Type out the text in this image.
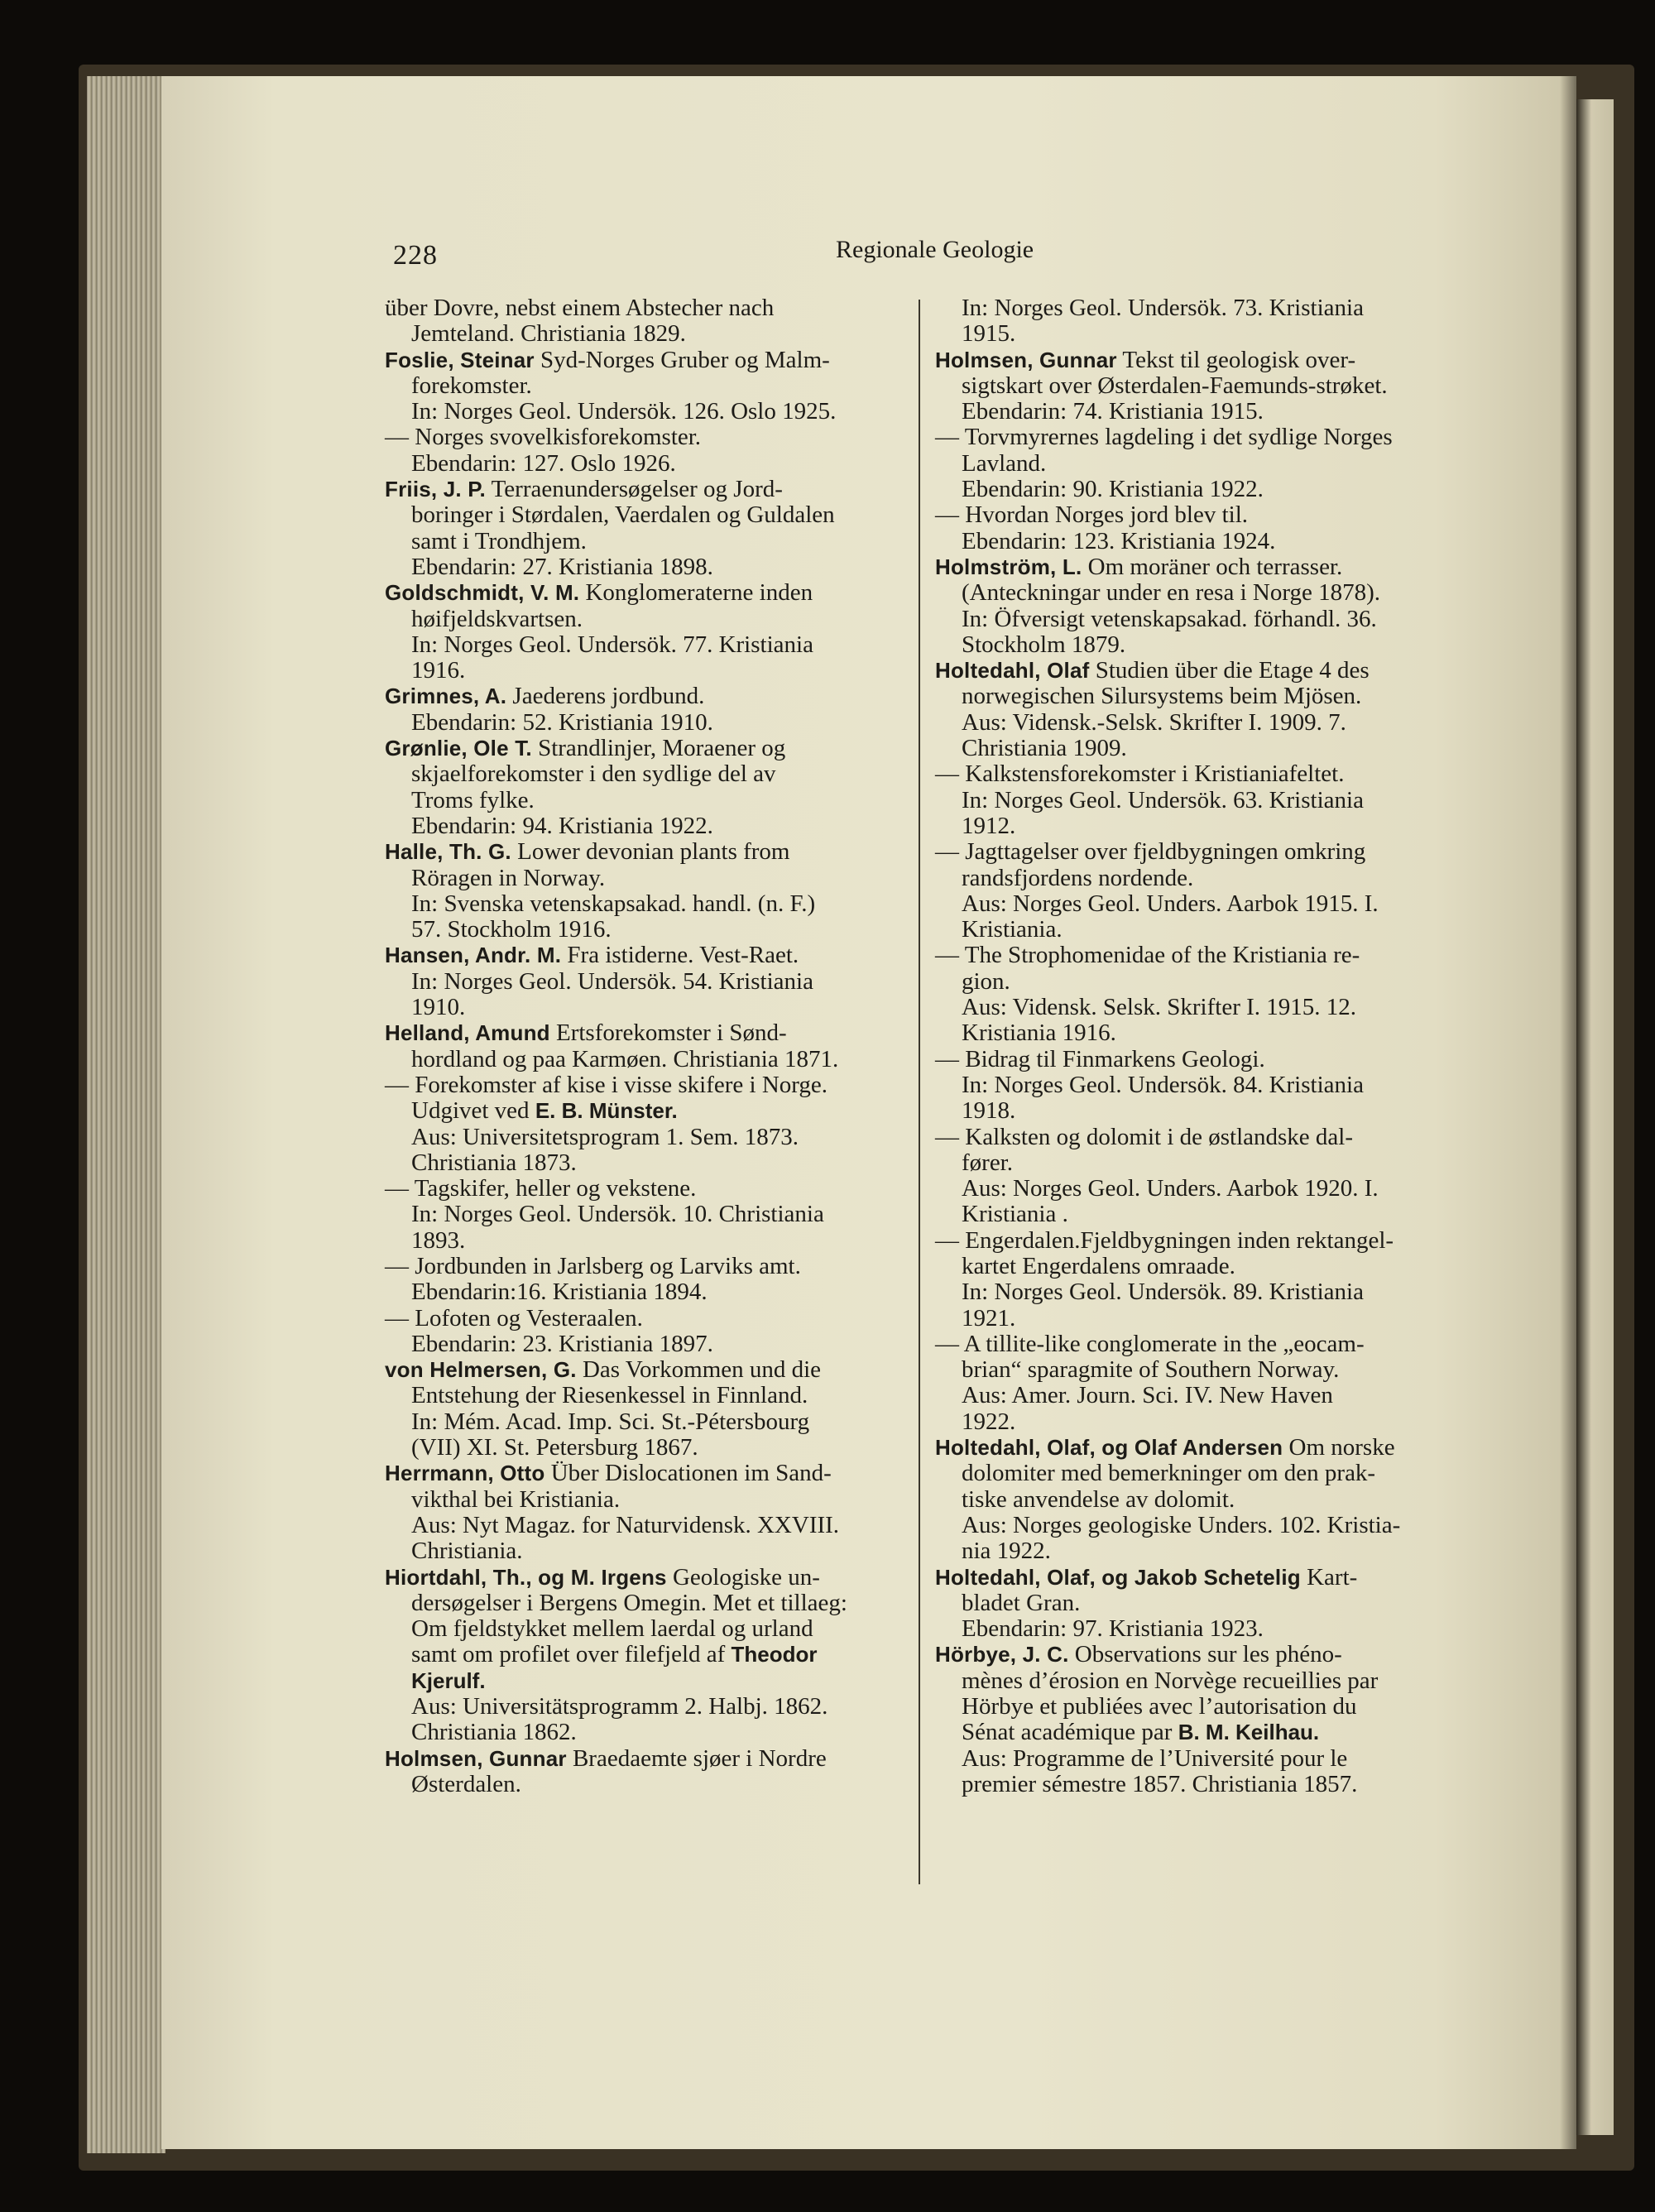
228	Regionale Geologie
über Dovre, nebst einem Abstecher nach
Jemteland. Christiania 1829.
Foslie, Steinar Syd-Norges Gruber og Malm-
forekomster.
In: Norges Geol. Undersök. 126. Oslo 1925.
— Norges svovelkisforekomster.
Ebendarin: 127. Oslo 1926.
Friis, J. P. Terraenundersøgelser og Jord-
boringer i Størdalen, Vaerdalen og Guldalen
samt i Trondhjem.
Ebendarin: 27. Kristiania 1898.
Goldschmidt, V. M. Konglomeraterne inden
høifjeldskvartsen.
In: Norges Geol. Undersök. 77. Kristiania
1916.
Grimnes, A. Jaederens jordbund.
Ebendarin: 52. Kristiania 1910.
Grønlie, Ole T. Strandlinjer, Moraener og
skjaelforekomster i den sydlige del av
Troms fylke.
Ebendarin: 94. Kristiania 1922.
Halle, Th. G. Lower devonian plants from
Röragen in Norway.
In: Svenska vetenskapsakad. handl. (n. F.)
57. Stockholm 1916.
Hansen, Andr. M. Fra istiderne. Vest-Raet.
In: Norges Geol. Undersök. 54. Kristiania
1910.
Helland, Amund Ertsforekomster i Sønd-
hordland og paa Karmøen. Christiania 1871.
— Forekomster af kise i visse skifere i Norge.
Udgivet ved E. B. Münster.
Aus: Universitetsprogram 1. Sem. 1873.
Christiania 1873.
— Tagskifer, heller og vekstene.
In: Norges Geol. Undersök. 10. Christiania
1893.
— Jordbunden in Jarlsberg og Larviks amt.
Ebendarin:16. Kristiania 1894.
— Lofoten og Vesteraalen.
Ebendarin: 23. Kristiania 1897.
von Helmersen, G. Das Vorkommen und die
Entstehung der Riesenkessel in Finnland.
In: Mém. Acad. Imp. Sci. St.-Pétersbourg
(VII) XI. St. Petersburg 1867.
Herrmann, Otto Über Dislocationen im Sand-
vikthal bei Kristiania.
Aus: Nyt Magaz. for Naturvidensk. XXVIII.
Christiania.
Hiortdahl, Th., og M. Irgens Geologiske un-
dersøgelser i Bergens Omegin. Met et tillaeg:
Om fjeldstykket mellem laerdal og urland
samt om profilet over filefjeld af Theodor
Kjerulf.
Aus: Universitätsprogramm 2. Halbj. 1862.
Christiania 1862.
Holmsen, Gunnar Braedaemte sjøer i Nordre
Østerdalen.
In: Norges Geol. Undersök. 73. Kristiania
1915.
Holmsen, Gunnar Tekst til geologisk over-
sigtskart over Østerdalen-Faemunds-strøket.
Ebendarin: 74. Kristiania 1915.
— Torvmyrernes lagdeling i det sydlige Norges
Lavland.
Ebendarin: 90. Kristiania 1922.
— Hvordan Norges jord blev til.
Ebendarin: 123. Kristiania 1924.
Holmström, L. Om moräner och terrasser.
(Anteckningar under en resa i Norge 1878).
In: Öfversigt vetenskapsakad. förhandl. 36.
Stockholm 1879.
Holtedahl, Olaf Studien über die Etage 4 des
norwegischen Silursystems beim Mjösen.
Aus: Vidensk.-Selsk. Skrifter I. 1909. 7.
Christiania 1909.
— Kalkstensforekomster i Kristianiafeltet.
In: Norges Geol. Undersök. 63. Kristiania
1912.
— Jagttagelser over fjeldbygningen omkring
randsfjordens nordende.
Aus: Norges Geol. Unders. Aarbok 1915. I.
Kristiania.
— The Strophomenidae of the Kristiania re-
gion.
Aus: Vidensk. Selsk. Skrifter I. 1915. 12.
Kristiania 1916.
— Bidrag til Finmarkens Geologi.
In: Norges Geol. Undersök. 84. Kristiania
1918.
— Kalksten og dolomit i de østlandske dal-
fører.
Aus: Norges Geol. Unders. Aarbok 1920. I.
Kristiania .
— Engerdalen.Fjeldbygningen inden rektangel-
kartet Engerdalens omraade.
In: Norges Geol. Undersök. 89. Kristiania
1921.
— A tillite-like conglomerate in the „eocam-
brian“ sparagmite of Southern Norway.
Aus: Amer. Journ. Sci. IV. New Haven
1922.
Holtedahl, Olaf, og Olaf Andersen Om norske
dolomiter med bemerkninger om den prak-
tiske anvendelse av dolomit.
Aus: Norges geologiske Unders. 102. Kristia-
nia 1922.
Holtedahl, Olaf, og Jakob Schetelig Kart-
bladet Gran.
Ebendarin: 97. Kristiania 1923.
Hörbye, J. C. Observations sur les phéno-
mènes d’érosion en Norvège recueillies par
Hörbye et publiées avec l’autorisation du
Sénat académique par B. M. Keilhau.
Aus: Programme de l’Université pour le
premier sémestre 1857. Christiania 1857.
